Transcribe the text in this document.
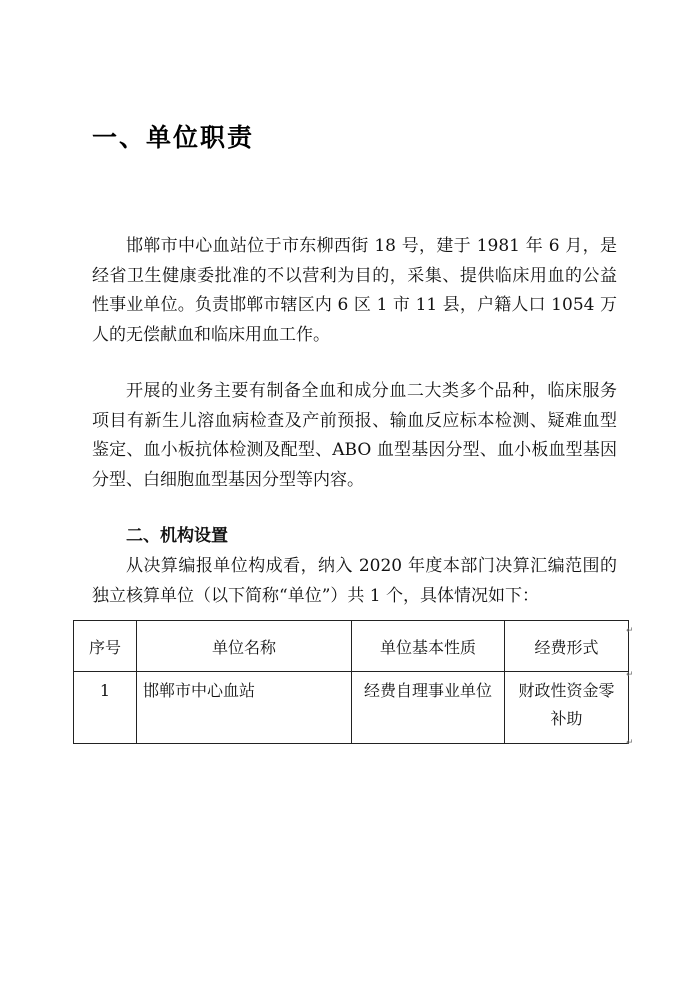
一、单位职责

邯郸市中心血站位于市东柳西街 18 号，建于 1981 年 6 月，是经省卫生健康委批准的不以营利为目的，采集、提供临床用血的公益性事业单位。负责邯郸市辖区内 6 区 1 市 11 县，户籍人口 1054 万人的无偿献血和临床用血工作。

开展的业务主要有制备全血和成分血二大类多个品种，临床服务项目有新生儿溶血病检查及产前预报、输血反应标本检测、疑难血型鉴定、血小板抗体检测及配型、ABO 血型基因分型、血小板血型基因分型、白细胞血型基因分型等内容。

二、机构设置

从决算编报单位构成看，纳入 2020 年度本部门决算汇编范围的独立核算单位（以下简称“单位”）共 1 个，具体情况如下：

序号	单位名称	单位基本性质	经费形式
1	邯郸市中心血站	经费自理事业单位	财政性资金零补助
↵
↵
↵
